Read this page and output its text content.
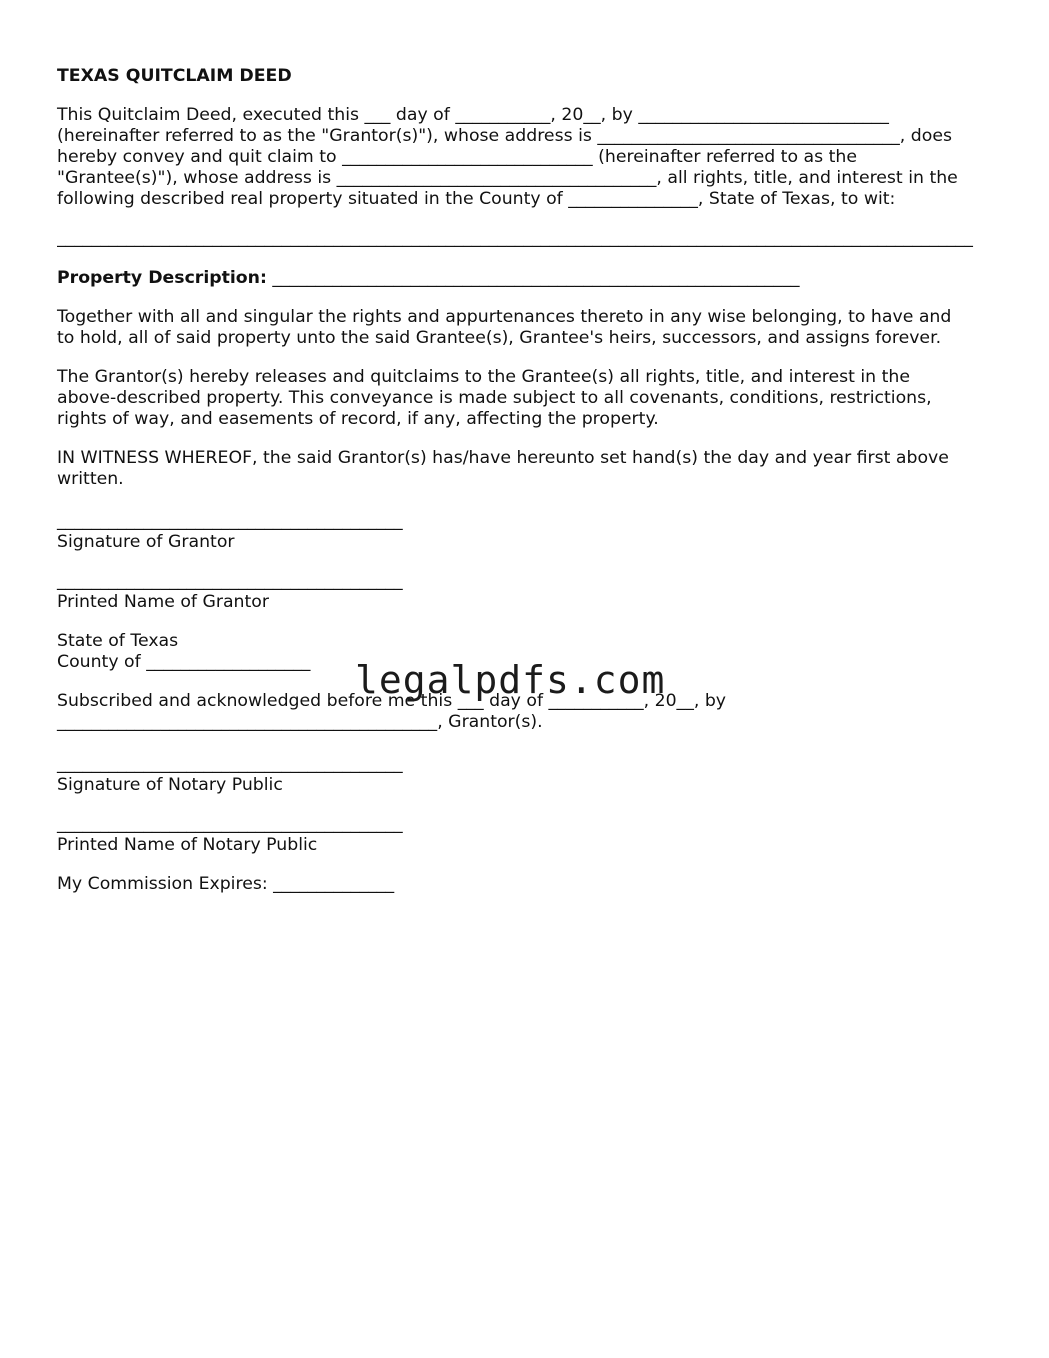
TEXAS QUITCLAIM DEED
This Quitclaim Deed, executed this ___ day of ___________, 20__, by _____________________________
(hereinafter referred to as the "Grantor(s)"), whose address is ___________________________________, does
hereby convey and quit claim to _____________________________ (hereinafter referred to as the
"Grantee(s)"), whose address is _____________________________________, all rights, title, and interest in the
following described real property situated in the County of _______________, State of Texas, to wit:
__________________________________________________________________________________________________________
Property Description: _____________________________________________________________
Together with all and singular the rights and appurtenances thereto in any wise belonging, to have and
to hold, all of said property unto the said Grantee(s), Grantee's heirs, successors, and assigns forever.
The Grantor(s) hereby releases and quitclaims to the Grantee(s) all rights, title, and interest in the
above-described property. This conveyance is made subject to all covenants, conditions, restrictions,
rights of way, and easements of record, if any, affecting the property.
IN WITNESS WHEREOF, the said Grantor(s) has/have hereunto set hand(s) the day and year first above
written.
________________________________________
Signature of Grantor
________________________________________
Printed Name of Grantor
State of Texas
County of ___________________
Subscribed and acknowledged before me this ___ day of ___________, 20__, by
____________________________________________, Grantor(s).
________________________________________
Signature of Notary Public
________________________________________
Printed Name of Notary Public
My Commission Expires: ______________
legalpdfs.com
